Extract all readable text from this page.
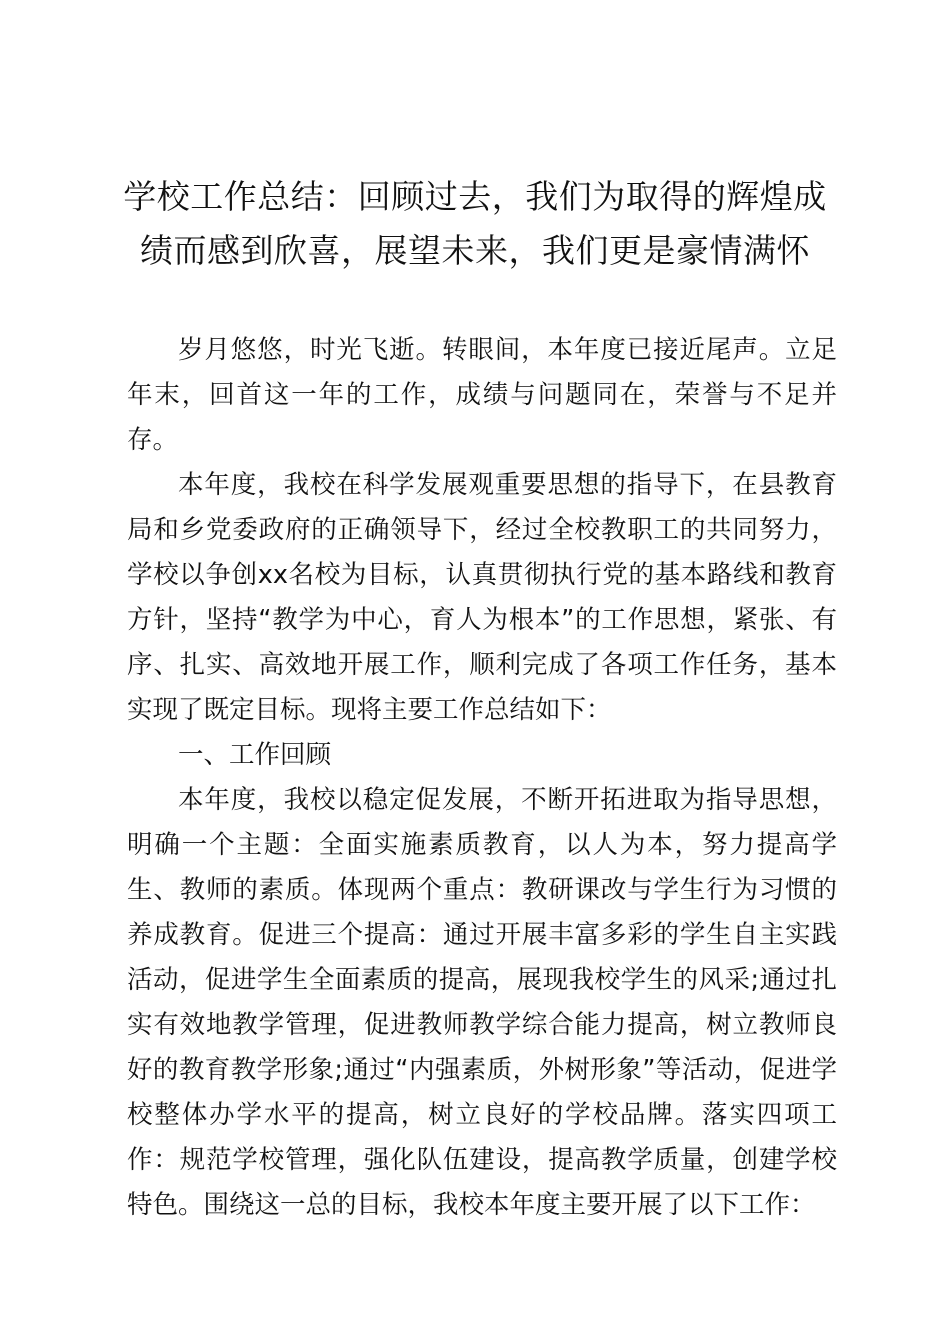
学校工作总结：回顾过去，我们为取得的辉煌成绩而感到欣喜，展望未来，我们更是豪情满怀

岁月悠悠，时光飞逝。转眼间，本年度已接近尾声。立足年末，回首这一年的工作，成绩与问题同在，荣誉与不足并存。

本年度，我校在科学发展观重要思想的指导下，在县教育局和乡党委政府的正确领导下，经过全校教职工的共同努力，学校以争创xx名校为目标，认真贯彻执行党的基本路线和教育方针，坚持“教学为中心，育人为根本”的工作思想，紧张、有序、扎实、高效地开展工作，顺利完成了各项工作任务，基本实现了既定目标。现将主要工作总结如下：

一、工作回顾

本年度，我校以稳定促发展，不断开拓进取为指导思想，明确一个主题：全面实施素质教育，以人为本，努力提高学生、教师的素质。体现两个重点：教研课改与学生行为习惯的养成教育。促进三个提高：通过开展丰富多彩的学生自主实践活动，促进学生全面素质的提高，展现我校学生的风采;通过扎实有效地教学管理，促进教师教学综合能力提高，树立教师良好的教育教学形象;通过“内强素质，外树形象”等活动，促进学校整体办学水平的提高，树立良好的学校品牌。落实四项工作：规范学校管理，强化队伍建设，提高教学质量，创建学校特色。围绕这一总的目标，我校本年度主要开展了以下工作：
